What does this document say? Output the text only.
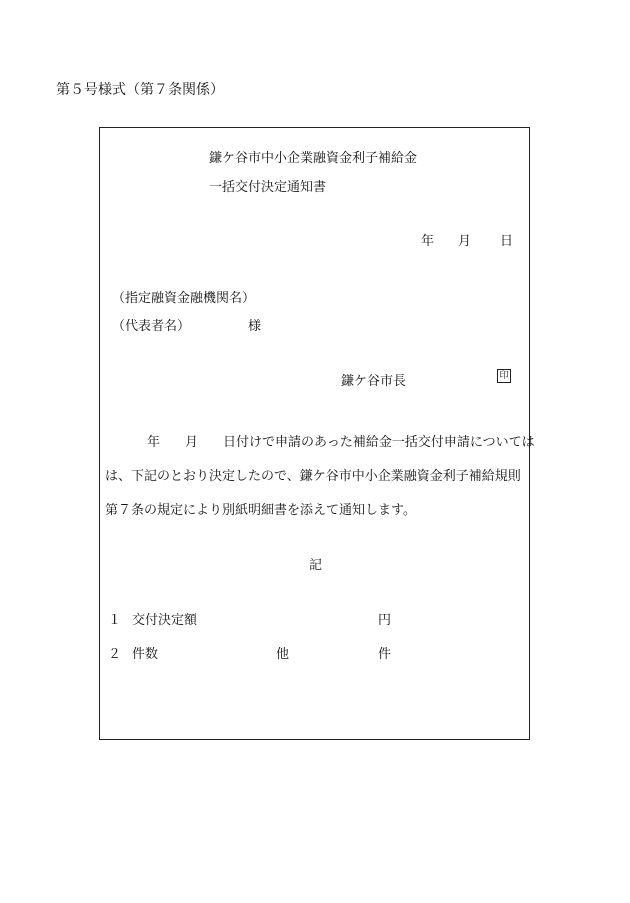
第５号様式（第７条関係）
鎌ケ谷市中小企業融資金利子補給金
一括交付決定通知書
年 月 日
（指定融資金融機関名）
（代表者名）	様
鎌ケ谷市長	印
年 月 日付けで申請のあった補給金一括交付申請については
は、下記のとおり決定したので、鎌ケ谷市中小企業融資金利子補給規則
第７条の規定により別紙明細書を添えて通知します。
記
１ 交付決定額	円
２ 件数	他	件
